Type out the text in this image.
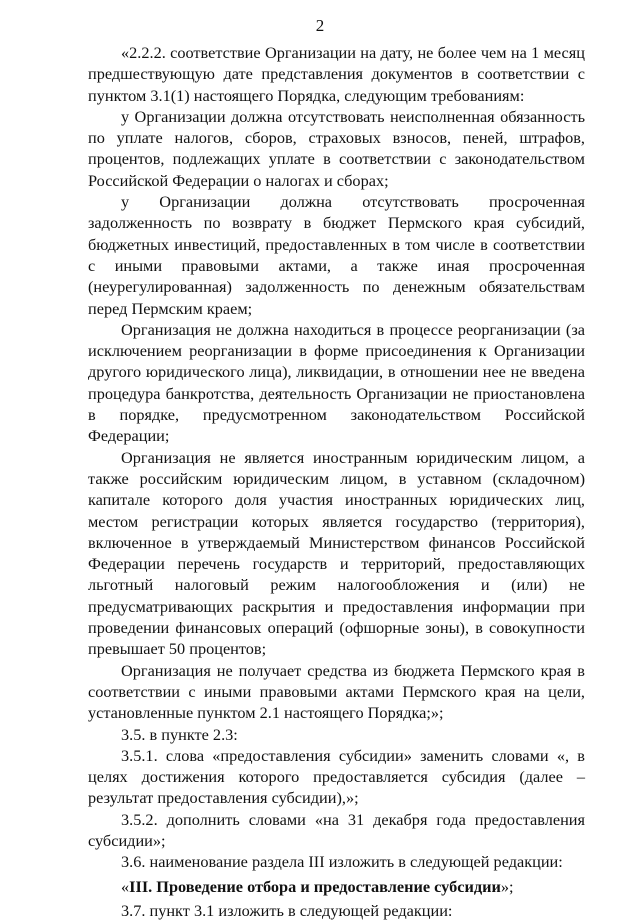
2

«2.2.2. соответствие Организации на дату, не более чем на 1 месяц предшествующую дате представления документов в соответствии с пунктом 3.1(1) настоящего Порядка, следующим требованиям:

у Организации должна отсутствовать неисполненная обязанность по уплате налогов, сборов, страховых взносов, пеней, штрафов, процентов, подлежащих уплате в соответствии с законодательством Российской Федерации о налогах и сборах;

у Организации должна отсутствовать просроченная задолженность по возврату в бюджет Пермского края субсидий, бюджетных инвестиций, предоставленных в том числе в соответствии с иными правовыми актами, а также иная просроченная (неурегулированная) задолженность по денежным обязательствам перед Пермским краем;

Организация не должна находиться в процессе реорганизации (за исключением реорганизации в форме присоединения к Организации другого юридического лица), ликвидации, в отношении нее не введена процедура банкротства, деятельность Организации не приостановлена в порядке, предусмотренном законодательством Российской Федерации;

Организация не является иностранным юридическим лицом, а также российским юридическим лицом, в уставном (складочном) капитале которого доля участия иностранных юридических лиц, местом регистрации которых является государство (территория), включенное в утверждаемый Министерством финансов Российской Федерации перечень государств и территорий, предоставляющих льготный налоговый режим налогообложения и (или) не предусматривающих раскрытия и предоставления информации при проведении финансовых операций (офшорные зоны), в совокупности превышает 50 процентов;

Организация не получает средства из бюджета Пермского края в соответствии с иными правовыми актами Пермского края на цели, установленные пунктом 2.1 настоящего Порядка;»;

3.5. в пункте 2.3:

3.5.1. слова «предоставления субсидии» заменить словами «, в целях достижения которого предоставляется субсидия (далее – результат предоставления субсидии),»;

3.5.2. дополнить словами «на 31 декабря года предоставления субсидии»;

3.6. наименование раздела III изложить в следующей редакции:

«III. Проведение отбора и предоставление субсидии»;

3.7. пункт 3.1 изложить в следующей редакции:
